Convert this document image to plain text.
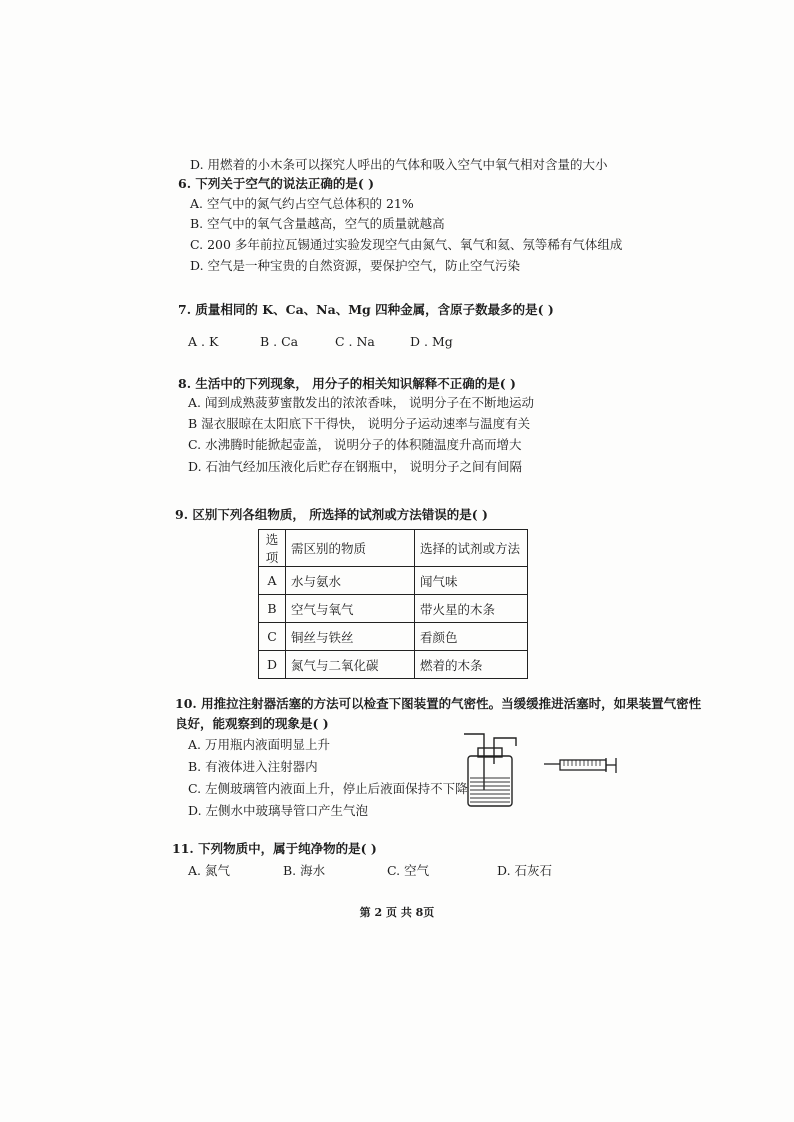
D. 用燃着的小木条可以探究人呼出的气体和吸入空气中氧气相对含量的大小
6. 下列关于空气的说法正确的是( )
A. 空气中的氮气约占空气总体积的 21%
B. 空气中的氧气含量越高，空气的质量就越高
C. 200 多年前拉瓦锡通过实验发现空气由氮气、氧气和氦、氖等稀有气体组成
D. 空气是一种宝贵的自然资源，要保护空气，防止空气污染
7. 质量相同的 K、Ca、Na、Mg 四种金属，含原子数最多的是( )
A . K	B . Ca	C . Na	D . Mg
8. 生活中的下列现象， 用分子的相关知识解释不正确的是( )
A. 闻到成熟菠萝蜜散发出的浓浓香味， 说明分子在不断地运动
B 湿衣服晾在太阳底下干得快， 说明分子运动速率与温度有关
C. 水沸腾时能掀起壶盖， 说明分子的体积随温度升高而增大
D. 石油气经加压液化后贮存在钢瓶中， 说明分子之间有间隔
9. 区别下列各组物质， 所选择的试剂或方法错误的是( )
选项	需区别的物质	选择的试剂或方法
A	水与氨水	闻气味
B	空气与氧气	带火星的木条
C	铜丝与铁丝	看颜色
D	氮气与二氧化碳	燃着的木条
10. 用推拉注射器活塞的方法可以检查下图装置的气密性。当缓缓推进活塞时，如果装置气密性
良好，能观察到的现象是( )
A. 万用瓶内液面明显上升
B. 有液体进入注射器内
C. 左侧玻璃管内液面上升，停止后液面保持不下降
D. 左侧水中玻璃导管口产生气泡
11. 下列物质中，属于纯净物的是( )
A. 氮气	B. 海水	C. 空气	D. 石灰石
第 2 页 共 8页
